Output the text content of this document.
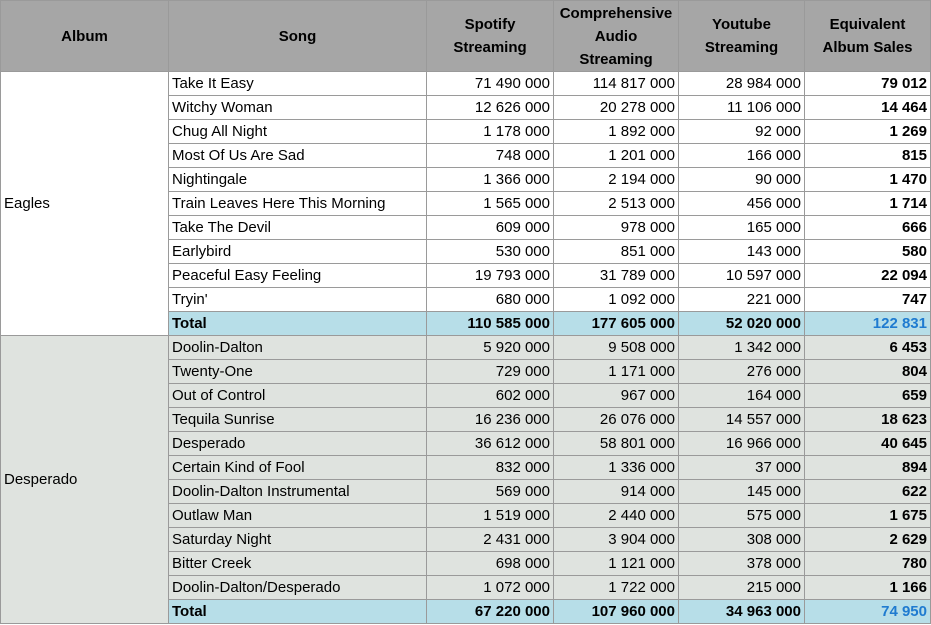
Album	Song	Spotify Streaming	Comprehensive Audio Streaming	Youtube Streaming	Equivalent Album Sales
Eagles	Take It Easy	71 490 000	114 817 000	28 984 000	79 012
	Witchy Woman	12 626 000	20 278 000	11 106 000	14 464
	Chug All Night	1 178 000	1 892 000	92 000	1 269
	Most Of Us Are Sad	748 000	1 201 000	166 000	815
	Nightingale	1 366 000	2 194 000	90 000	1 470
	Train Leaves Here This Morning	1 565 000	2 513 000	456 000	1 714
	Take The Devil	609 000	978 000	165 000	666
	Earlybird	530 000	851 000	143 000	580
	Peaceful Easy Feeling	19 793 000	31 789 000	10 597 000	22 094
	Tryin'	680 000	1 092 000	221 000	747
	Total	110 585 000	177 605 000	52 020 000	122 831
Desperado	Doolin-Dalton	5 920 000	9 508 000	1 342 000	6 453
	Twenty-One	729 000	1 171 000	276 000	804
	Out of Control	602 000	967 000	164 000	659
	Tequila Sunrise	16 236 000	26 076 000	14 557 000	18 623
	Desperado	36 612 000	58 801 000	16 966 000	40 645
	Certain Kind of Fool	832 000	1 336 000	37 000	894
	Doolin-Dalton Instrumental	569 000	914 000	145 000	622
	Outlaw Man	1 519 000	2 440 000	575 000	1 675
	Saturday Night	2 431 000	3 904 000	308 000	2 629
	Bitter Creek	698 000	1 121 000	378 000	780
	Doolin-Dalton/Desperado	1 072 000	1 722 000	215 000	1 166
	Total	67 220 000	107 960 000	34 963 000	74 950
